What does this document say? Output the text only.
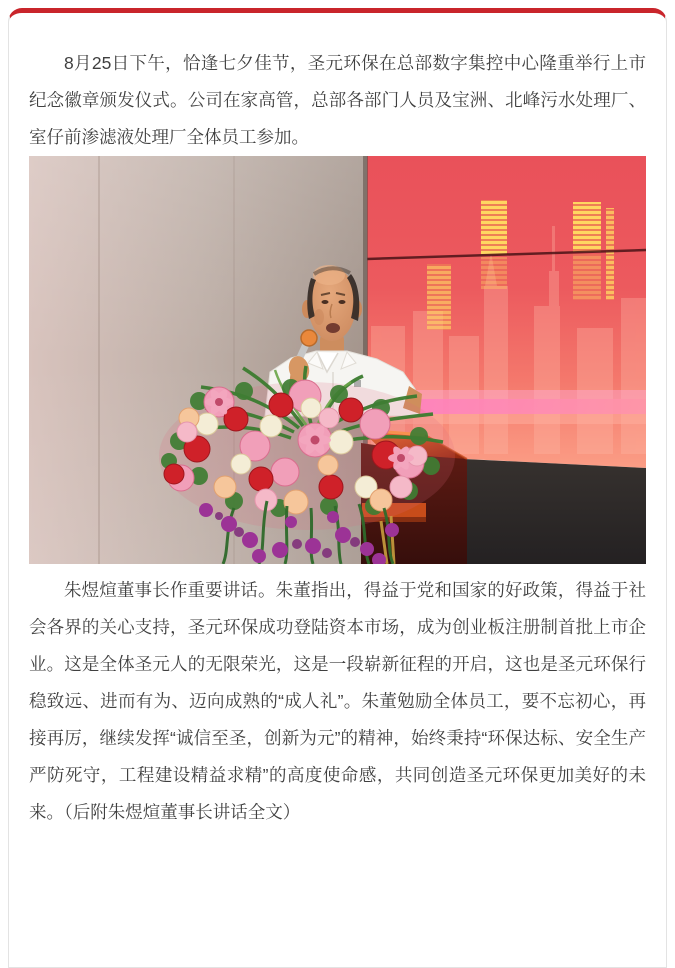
8月25日下午，恰逢七夕佳节，圣元环保在总部数字集控中心隆重举行上市纪念徽章颁发仪式。公司在家高管，总部各部门人员及宝洲、北峰污水处理厂、室仔前渗滤液处理厂全体员工参加。

朱煜煊董事长作重要讲话。朱董指出，得益于党和国家的好政策，得益于社会各界的关心支持，圣元环保成功登陆资本市场，成为创业板注册制首批上市企业。这是全体圣元人的无限荣光，这是一段崭新征程的开启，这也是圣元环保行稳致远、进而有为、迈向成熟的“成人礼”。朱董勉励全体员工，要不忘初心，再接再厉，继续发挥“诚信至圣，创新为元”的精神，始终秉持“环保达标、安全生产严防死守，工程建设精益求精”的高度使命感，共同创造圣元环保更加美好的未来。（后附朱煜煊董事长讲话全文）
